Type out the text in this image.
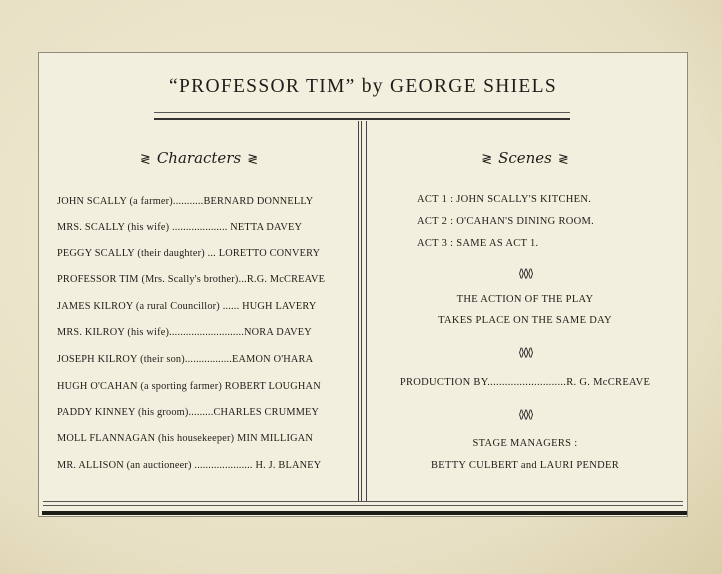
“PROFESSOR TIM” by GEORGE SHIELS
≷ Characters ≷
JOHN SCALLY (a farmer)...........BERNARD DONNELLY
MRS. SCALLY (his wife) .................... NETTA DAVEY
PEGGY SCALLY (their daughter) ... LORETTO CONVERY
PROFESSOR TIM (Mrs. Scally's brother)...R.G. McCREAVE
JAMES KILROY (a rural Councillor) ...... HUGH LAVERY
MRS. KILROY (his wife)...........................NORA DAVEY
JOSEPH KILROY (their son).................EAMON O'HARA
HUGH O'CAHAN (a sporting farmer) ROBERT LOUGHAN
PADDY KINNEY (his groom).........CHARLES CRUMMEY
MOLL FLANNAGAN (his housekeeper) MIN MILLIGAN
MR. ALLISON (an auctioneer) ..................... H. J. BLANEY
≷ Scenes ≷
ACT 1 : JOHN SCALLY'S KITCHEN.
ACT 2 : O'CAHAN'S DINING ROOM.
ACT 3 : SAME AS ACT 1.
⟨⟩⟨⟩⟨⟩
THE ACTION OF THE PLAY
TAKES PLACE ON THE SAME DAY
⟨⟩⟨⟩⟨⟩
PRODUCTION BY...........................R. G. McCREAVE
⟨⟩⟨⟩⟨⟩
STAGE MANAGERS :
BETTY CULBERT and LAURI PENDER
